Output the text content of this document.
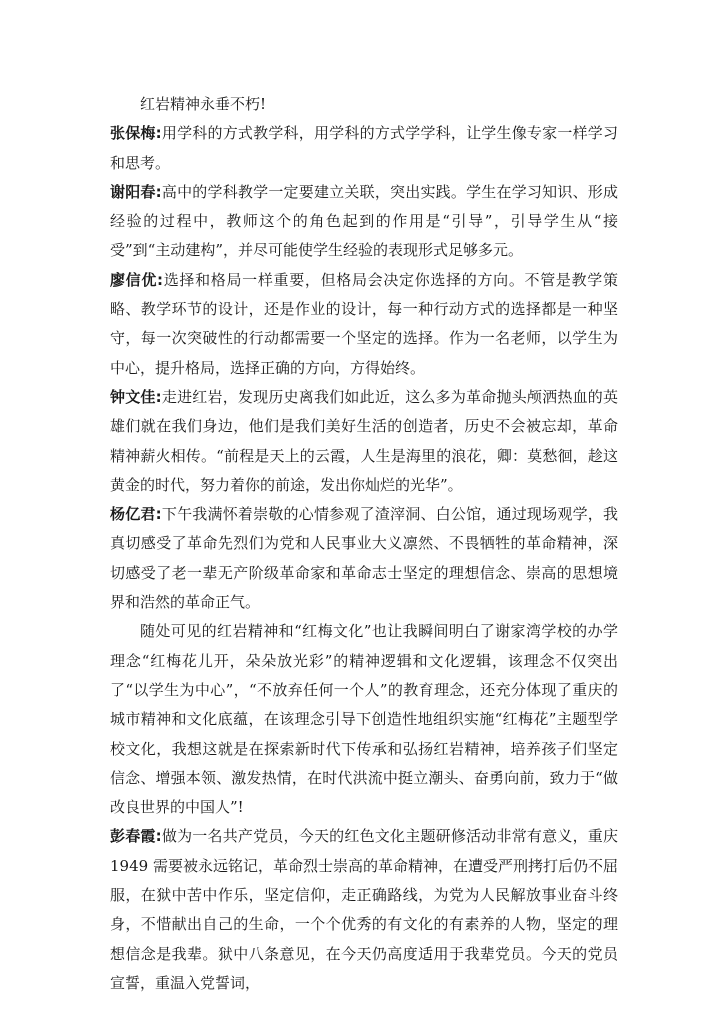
红岩精神永垂不朽!

张保梅:用学科的方式教学科，用学科的方式学学科，让学生像专家一样学习和思考。

谢阳春:高中的学科教学一定要建立关联，突出实践。学生在学习知识、形成经验的过程中，教师这个的角色起到的作用是“引导”，引导学生从“接受”到“主动建构”，并尽可能使学生经验的表现形式足够多元。

廖信优:选择和格局一样重要，但格局会决定你选择的方向。不管是教学策略、教学环节的设计，还是作业的设计，每一种行动方式的选择都是一种坚守，每一次突破性的行动都需要一个坚定的选择。作为一名老师，以学生为中心，提升格局，选择正确的方向，方得始终。

钟文佳:走进红岩，发现历史离我们如此近，这么多为革命抛头颅洒热血的英雄们就在我们身边，他们是我们美好生活的创造者，历史不会被忘却，革命精神薪火相传。“前程是天上的云霞，人生是海里的浪花，卿：莫愁徊，趁这黄金的时代，努力着你的前途，发出你灿烂的光华”。

杨亿君:下午我满怀着崇敬的心情参观了渣滓洞、白公馆，通过现场观学，我真切感受了革命先烈们为党和人民事业大义凛然、不畏牺牲的革命精神，深切感受了老一辈无产阶级革命家和革命志士坚定的理想信念、崇高的思想境界和浩然的革命正气。

随处可见的红岩精神和“红梅文化”也让我瞬间明白了谢家湾学校的办学理念“红梅花儿开，朵朵放光彩”的精神逻辑和文化逻辑，该理念不仅突出了“以学生为中心”，“不放弃任何一个人”的教育理念，还充分体现了重庆的城市精神和文化底蕴，在该理念引导下创造性地组织实施“红梅花”主题型学校文化，我想这就是在探索新时代下传承和弘扬红岩精神，培养孩子们坚定信念、增强本领、激发热情，在时代洪流中挺立潮头、奋勇向前，致力于“做改良世界的中国人”!

彭春霞:做为一名共产党员，今天的红色文化主题研修活动非常有意义，重庆 1949 需要被永远铭记，革命烈士崇高的革命精神，在遭受严刑拷打后仍不屈服，在狱中苦中作乐，坚定信仰，走正确路线，为党为人民解放事业奋斗终身，不惜献出自己的生命，一个个优秀的有文化的有素养的人物，坚定的理想信念是我辈。狱中八条意见，在今天仍高度适用于我辈党员。今天的党员宣誓，重温入党誓词，
